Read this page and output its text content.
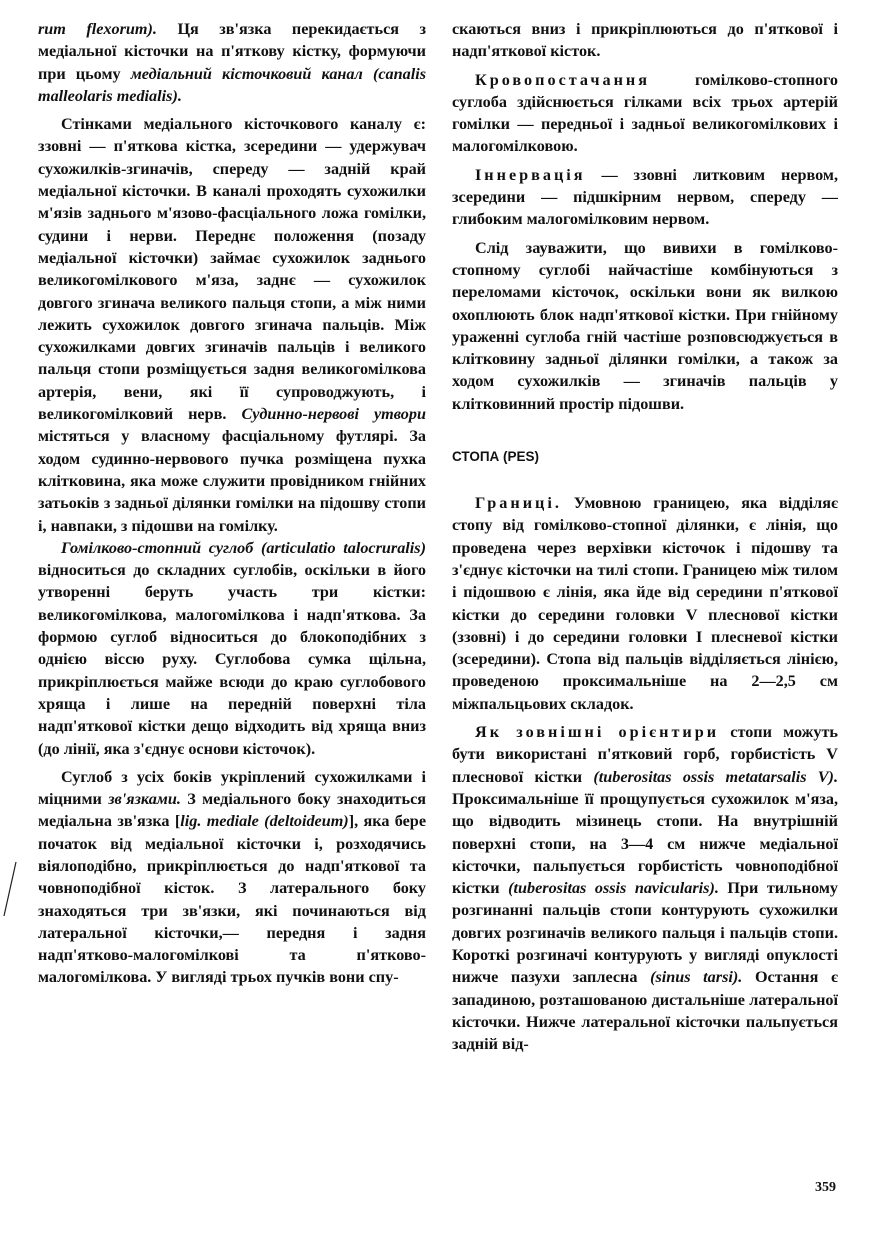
rum flexorum). Ця зв'язка перекидається з медіальної кісточки на п'яткову кістку, формуючи при цьому медіальний кісточковий канал (canalis malleolaris medialis).

Стінками медіального кісточкового каналу є: ззовні — п'яткова кістка, зсередини — удержувач сухожилків-згиначів, спереду — задній край медіальної кісточки. В каналі проходять сухожилки м'язів заднього м'язово-фасціального ложа гомілки, судини і нерви. Переднє положення (позаду медіальної кісточки) займає сухожилок заднього великогомілкового м'яза, заднє — сухожилок довгого згинача великого пальця стопи, а між ними лежить сухожилок довгого згинача пальців. Між сухожилками довгих згиначів пальців і великого пальця стопи розміщується задня великогомілкова артерія, вени, які її супроводжують, і великогомілковий нерв. Судинно-нервові утвори містяться у власному фасціальному футлярі. За ходом судинно-нервового пучка розміщена пухка клітковина, яка може служити провідником гнійних затьоків з задньої ділянки гомілки на підошву стопи і, навпаки, з підошви на гомілку.

Гомілково-стопний суглоб (articulatio talocruralis) відноситься до складних суглобів, оскільки в його утворенні беруть участь три кістки: великогомілкова, малогомілкова і надп'яткова. За формою суглоб відноситься до блокоподібних з однією віссю руху. Суглобова сумка щільна, прикріплюється майже всюди до краю суглобового хряща і лише на передній поверхні тіла надп'яткової кістки дещо відходить від хряща вниз (до лінії, яка з'єднує основи кісточок).

Суглоб з усіх боків укріплений сухожилками і міцними зв'язками. З медіального боку знаходиться медіальна зв'язка [lig. mediale (deltoideum)], яка бере початок від медіальної кісточки і, розходячись віялоподібно, прикріплюється до надп'яткової та човноподібної кісток. З латерального боку знаходяться три зв'язки, які починаються від латеральної кісточки,— передня і задня надп'ятково-малогомілкові та п'ятково-малогомілкова. У вигляді трьох пучків вони спу-

скаються вниз і прикріплюються до п'яткової і надп'яткової кісток.

Кровопостачання гомілково-стопного суглоба здійснюється гілками всіх трьох артерій гомілки — передньої і задньої великогомілкових і малогомілковою.

Іннервація — ззовні литковим нервом, зсередини — підшкірним нервом, спереду — глибоким малогомілковим нервом.

Слід зауважити, що вивихи в гомілково-стопному суглобі найчастіше комбінуються з переломами кісточок, оскільки вони як вилкою охоплюють блок надп'яткової кістки. При гнійному ураженні суглоба гній частіше розповсюджується в клітковину задньої ділянки гомілки, а також за ходом сухожилків — згиначів пальців у клітковинний простір підошви.

СТОПА (PES)

Границі. Умовною границею, яка відділяє стопу від гомілково-стопної ділянки, є лінія, що проведена через верхівки кісточок і підошву та з'єднує кісточки на тилі стопи. Границею між тилом і підошвою є лінія, яка йде від середини п'яткової кістки до середини головки V плеснової кістки (ззовні) і до середини головки I плесневої кістки (зсередини). Стопа від пальців відділяється лінією, проведеною проксимальніше на 2—2,5 см міжпальцьових складок.

Як зовнішні орієнтири стопи можуть бути використані п'ятковий горб, горбистість V плеснової кістки (tuberositas ossis metatarsalis V). Проксимальніше її прощупується сухожилок м'яза, що відводить мізинець стопи. На внутрішній поверхні стопи, на 3—4 см нижче медіальної кісточки, пальпується горбистість човноподібної кістки (tuberositas ossis navicularis). При тильному розгинанні пальців стопи контурують сухожилки довгих розгиначів великого пальця і пальців стопи. Короткі розгиначі контурують у вигляді опуклості нижче пазухи заплесна (sinus tarsi). Остання є западиною, розташованою дистальніше латеральної кісточки. Нижче латеральної кісточки пальпується задній від-

359
